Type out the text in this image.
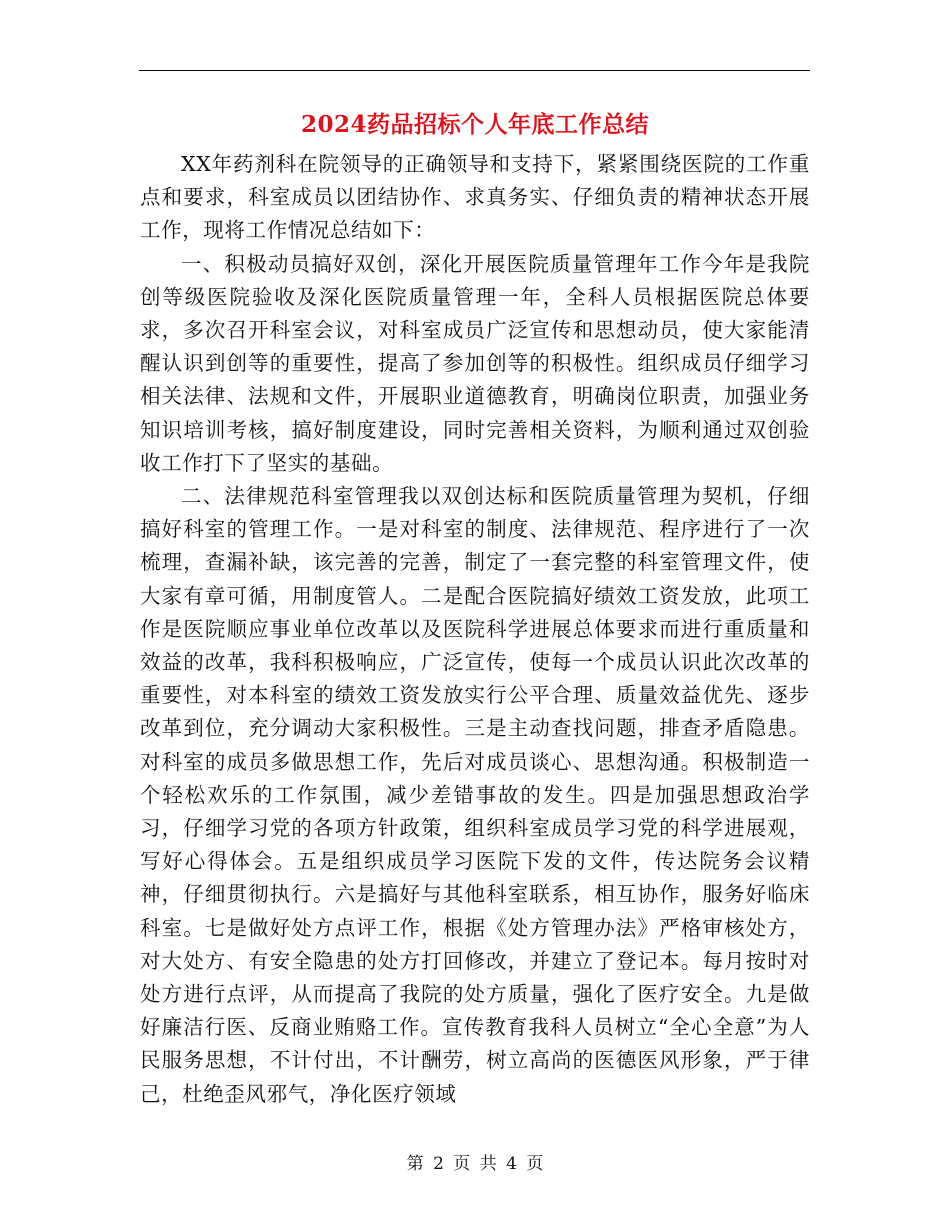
2024药品招标个人年底工作总结

XX年药剂科在院领导的正确领导和支持下，紧紧围绕医院的工作重点和要求，科室成员以团结协作、求真务实、仔细负责的精神状态开展工作，现将工作情况总结如下：

一、积极动员搞好双创，深化开展医院质量管理年工作今年是我院创等级医院验收及深化医院质量管理一年，全科人员根据医院总体要求，多次召开科室会议，对科室成员广泛宣传和思想动员，使大家能清醒认识到创等的重要性，提高了参加创等的积极性。组织成员仔细学习相关法律、法规和文件，开展职业道德教育，明确岗位职责，加强业务知识培训考核，搞好制度建设，同时完善相关资料，为顺利通过双创验收工作打下了坚实的基础。

二、法律规范科室管理我以双创达标和医院质量管理为契机，仔细搞好科室的管理工作。一是对科室的制度、法律规范、程序进行了一次梳理，查漏补缺，该完善的完善，制定了一套完整的科室管理文件，使大家有章可循，用制度管人。二是配合医院搞好绩效工资发放，此项工作是医院顺应事业单位改革以及医院科学进展总体要求而进行重质量和效益的改革，我科积极响应，广泛宣传，使每一个成员认识此次改革的重要性，对本科室的绩效工资发放实行公平合理、质量效益优先、逐步改革到位，充分调动大家积极性。三是主动查找问题，排查矛盾隐患。对科室的成员多做思想工作，先后对成员谈心、思想沟通。积极制造一个轻松欢乐的工作氛围，减少差错事故的发生。四是加强思想政治学习，仔细学习党的各项方针政策，组织科室成员学习党的科学进展观，写好心得体会。五是组织成员学习医院下发的文件，传达院务会议精神，仔细贯彻执行。六是搞好与其他科室联系，相互协作，服务好临床科室。七是做好处方点评工作，根据《处方管理办法》严格审核处方，对大处方、有安全隐患的处方打回修改，并建立了登记本。每月按时对处方进行点评，从而提高了我院的处方质量，强化了医疗安全。九是做好廉洁行医、反商业贿赂工作。宣传教育我科人员树立“全心全意”为人民服务思想，不计付出，不计酬劳，树立高尚的医德医风形象，严于律己，杜绝歪风邪气，净化医疗领域

第 2 页 共 4 页
